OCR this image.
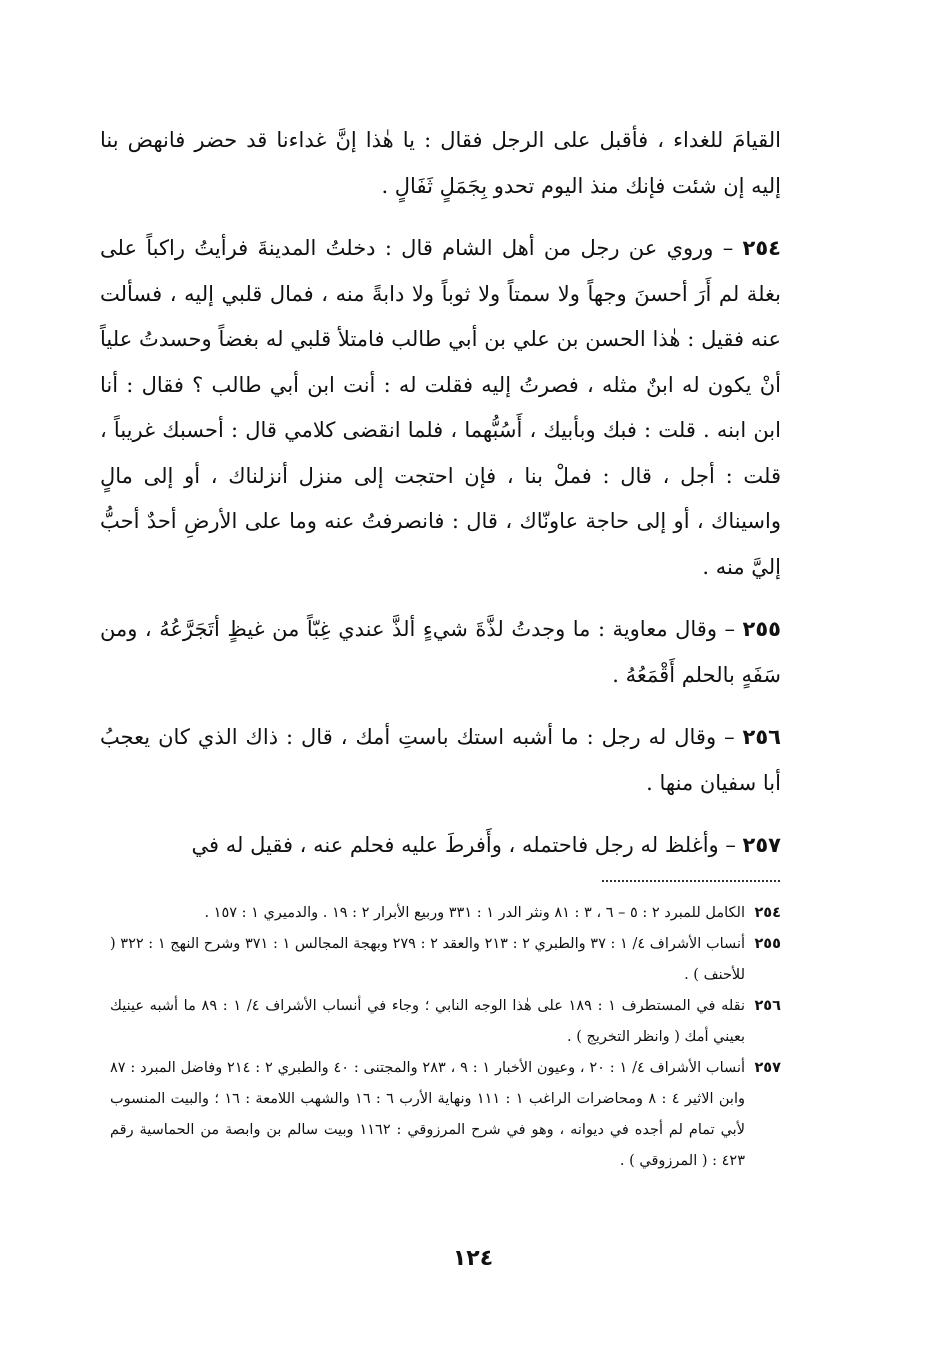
القيامَ للغداء ، فأقبل على الرجل فقال : يا هٰذا إنَّ غداءنا قد حضر فانهض بنا إليه إن شئت فإنك منذ اليوم تحدو بِجَمَلٍ ثَفَالٍ .

٢٥٤ – وروي عن رجل من أهل الشام قال : دخلتُ المدينةَ فرأيتُ راكباً على بغلة لم أَرَ أحسنَ وجهاً ولا سمتاً ولا ثوباً ولا دابةً منه ، فمال قلبي إليه ، فسألت عنه فقيل : هٰذا الحسن بن علي بن أبي طالب فامتلأ قلبي له بغضاً وحسدتُ علياً أنْ يكون له ابنٌ مثله ، فصرتُ إليه فقلت له : أنت ابن أبي طالب ؟ فقال : أنا ابن ابنه . قلت : فبك وبأبيك ، أَسُبُّهما ، فلما انقضى كلامي قال : أحسبك غريباً ، قلت : أجل ، قال : فملْ بنا ، فإن احتجت إلى منزل أنزلناك ، أو إلى مالٍ واسيناك ، أو إلى حاجة عاونّاك ، قال : فانصرفتُ عنه وما على الأرضِ أحدٌ أحبُّ إليَّ منه .

٢٥٥ – وقال معاوية : ما وجدتُ لذَّةَ شيءٍ ألذَّ عندي غِبّاً من غيظٍ أتَجَرَّعُهُ ، ومن سَفَهٍ بالحلم أَقْمَعُهُ .

٢٥٦ – وقال له رجل : ما أشبه استك باستِ أمك ، قال : ذاك الذي كان يعجبُ أبا سفيان منها .

٢٥٧ – وأغلظ له رجل فاحتمله ، وأَفرطَ عليه فحلم عنه ، فقيل له في

٢٥٤
الكامل للمبرد ٢ : ٥ – ٦ ، ٣ : ٨١ ونثر الدر ١ : ٣٣١ وربيع الأبرار ٢ : ١٩ . والدميري ١ : ١٥٧ .
٢٥٥
أنساب الأشراف ٤/ ١ : ٣٧ والطبري ٢ : ٢١٣ والعقد ٢ : ٢٧٩ وبهجة المجالس ١ : ٣٧١ وشرح النهج ١ : ٣٢٢ ( للأحنف ) .
٢٥٦
نقله في المستطرف ١ : ١٨٩ على هٰذا الوجه النابي ؛ وجاء في أنساب الأشراف ٤/ ١ : ٨٩ ما أشبه عينيك بعيني أمك ( وانظر التخريج ) .
٢٥٧
أنساب الأشراف ٤/ ١ : ٢٠ ، وعيون الأخبار ١ : ٩ ، ٢٨٣ والمجتنى : ٤٠ والطبري ٢ : ٢١٤ وفاضل المبرد : ٨٧ وابن الاثير ٤ : ٨ ومحاضرات الراغب ١ : ١١١ ونهاية الأرب ٦ : ١٦ والشهب اللامعة : ١٦ ؛ والبيت المنسوب لأبي تمام لم أجده في ديوانه ، وهو في شرح المرزوقي : ١١٦٢ وبيت سالم بن وابصة من الحماسية رقم ٤٢٣ : ( المرزوقي ) .
١٢٤
